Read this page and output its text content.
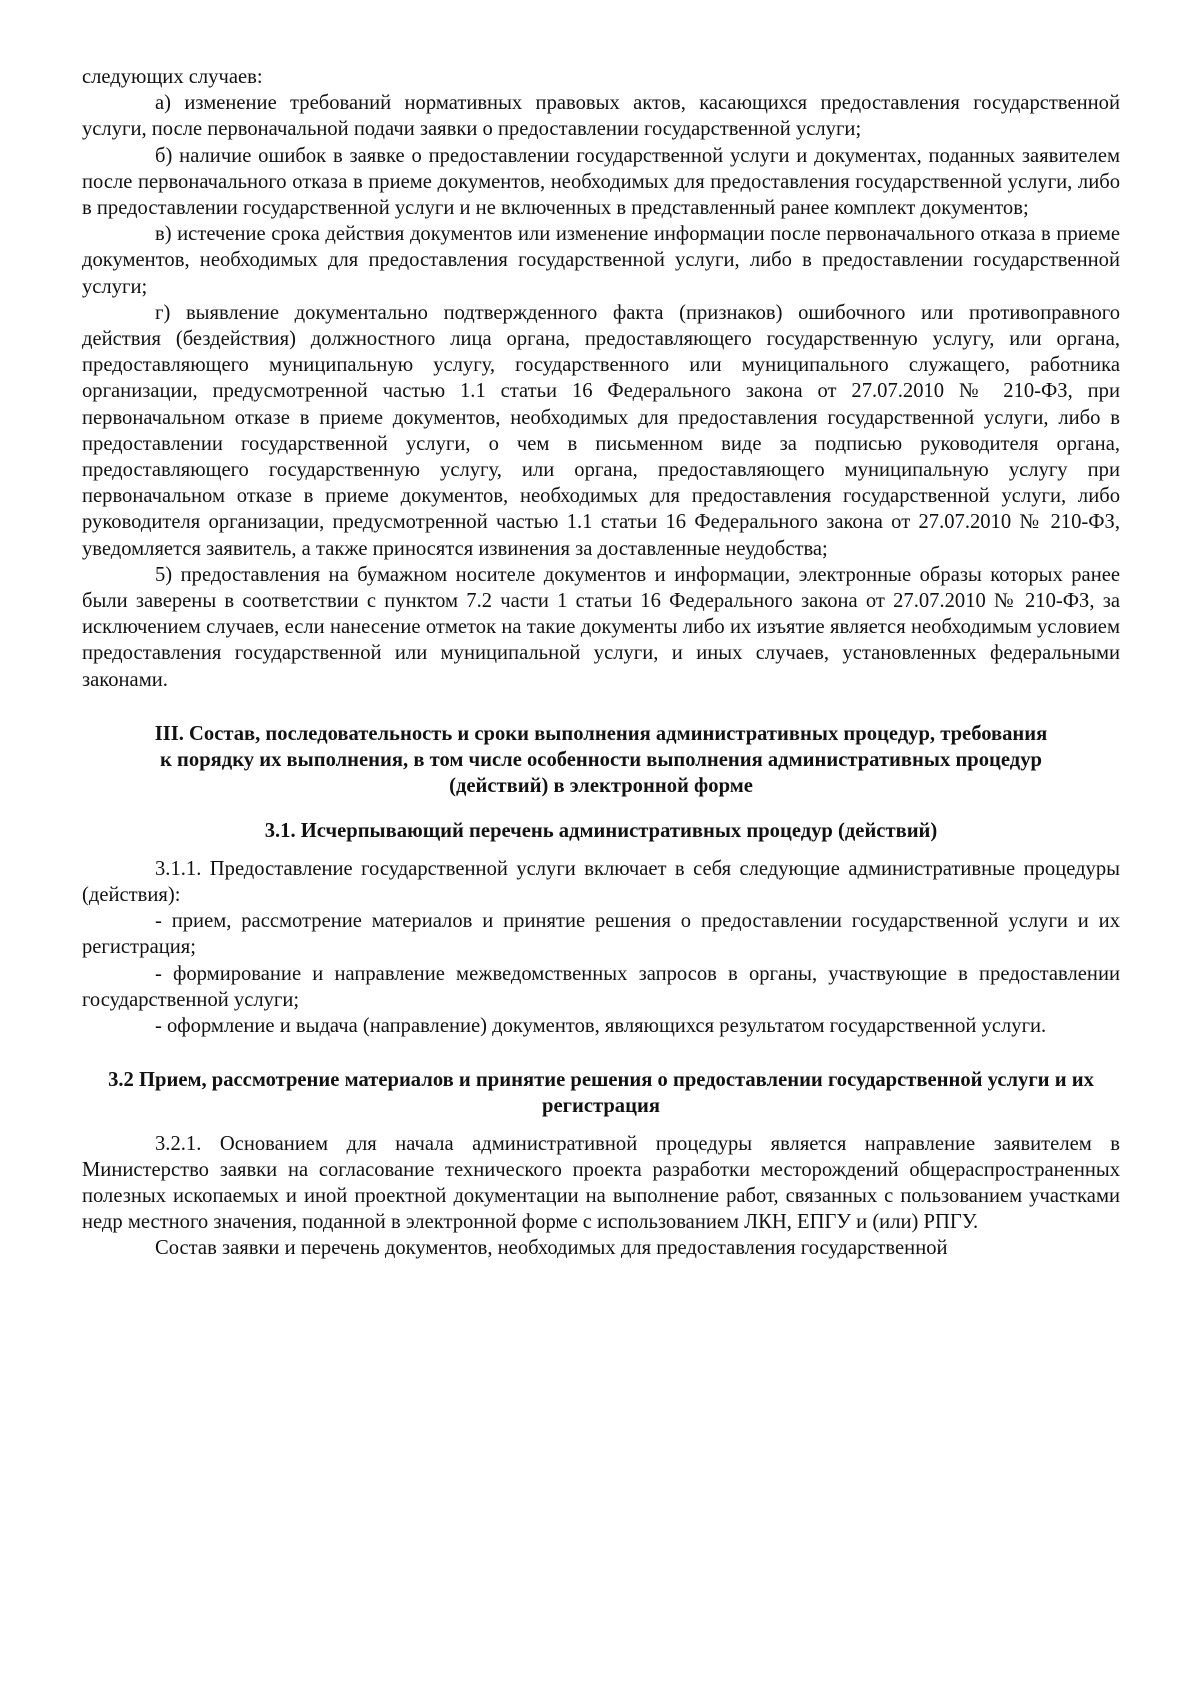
следующих случаев:

а) изменение требований нормативных правовых актов, касающихся предоставления государственной услуги, после первоначальной подачи заявки о предоставлении государственной услуги;

б) наличие ошибок в заявке о предоставлении государственной услуги и документах, поданных заявителем после первоначального отказа в приеме документов, необходимых для предоставления государственной услуги, либо в предоставлении государственной услуги и не включенных в представленный ранее комплект документов;

в) истечение срока действия документов или изменение информации после первоначального отказа в приеме документов, необходимых для предоставления государственной услуги, либо в предоставлении государственной услуги;

г) выявление документально подтвержденного факта (признаков) ошибочного или противоправного действия (бездействия) должностного лица органа, предоставляющего государственную услугу, или органа, предоставляющего муниципальную услугу, государственного или муниципального служащего, работника организации, предусмотренной частью 1.1 статьи 16 Федерального закона от 27.07.2010 № 210-ФЗ, при первоначальном отказе в приеме документов, необходимых для предоставления государственной услуги, либо в предоставлении государственной услуги, о чем в письменном виде за подписью руководителя органа, предоставляющего государственную услугу, или органа, предоставляющего муниципальную услугу при первоначальном отказе в приеме документов, необходимых для предоставления государственной услуги, либо руководителя организации, предусмотренной частью 1.1 статьи 16 Федерального закона от 27.07.2010 № 210-ФЗ, уведомляется заявитель, а также приносятся извинения за доставленные неудобства;

5) предоставления на бумажном носителе документов и информации, электронные образы которых ранее были заверены в соответствии с пунктом 7.2 части 1 статьи 16 Федерального закона от 27.07.2010 № 210-ФЗ, за исключением случаев, если нанесение отметок на такие документы либо их изъятие является необходимым условием предоставления государственной или муниципальной услуги, и иных случаев, установленных федеральными законами.

III. Состав, последовательность и сроки выполнения административных процедур, требования к порядку их выполнения, в том числе особенности выполнения административных процедур (действий) в электронной форме
3.1. Исчерпывающий перечень административных процедур (действий)

3.1.1. Предоставление государственной услуги включает в себя следующие административные процедуры (действия):

- прием, рассмотрение материалов и принятие решения о предоставлении государственной услуги и их регистрация;

- формирование и направление межведомственных запросов в органы, участвующие в предоставлении государственной услуги;

- оформление и выдача (направление) документов, являющихся результатом государственной услуги.

3.2 Прием, рассмотрение материалов и принятие решения о предоставлении государственной услуги и их регистрация

3.2.1. Основанием для начала административной процедуры является направление заявителем в Министерство заявки на согласование технического проекта разработки месторождений общераспространенных полезных ископаемых и иной проектной документации на выполнение работ, связанных с пользованием участками недр местного значения, поданной в электронной форме с использованием ЛКН, ЕПГУ и (или) РПГУ.

Состав заявки и перечень документов, необходимых для предоставления государственной
